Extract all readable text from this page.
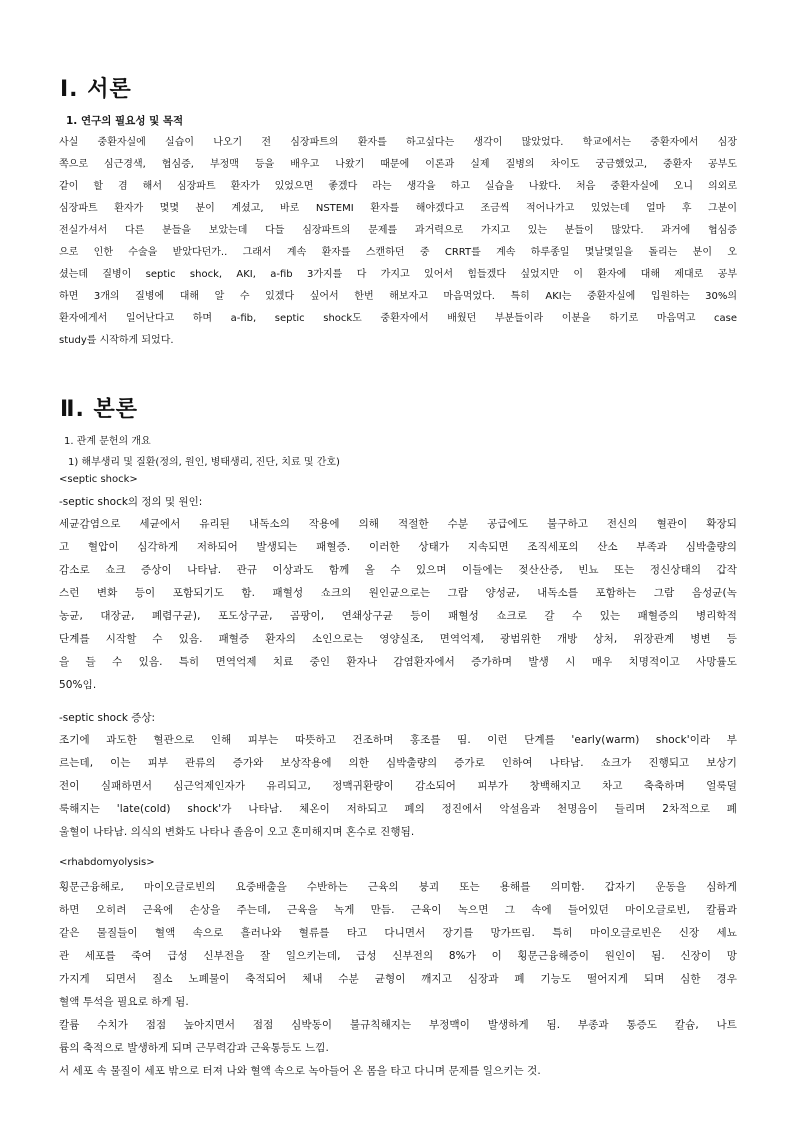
Ⅰ. 서론
1. 연구의 필요성 및 목적
사실 중환자실에 실습이 나오기 전 심장파트의 환자를 하고싶다는 생각이 많았었다. 학교에서는 중환자에서 심장
쪽으로 심근경색, 협심증, 부정맥 등을 배우고 나왔기 때문에 이론과 실제 질병의 차이도 궁금했었고, 중환자 공부도
같이 할 겸 해서 심장파트 환자가 있었으면 좋겠다 라는 생각을 하고 실습을 나왔다. 처음 중환자실에 오니 의외로
심장파트 환자가 몇몇 분이 계셨고, 바로 NSTEMI 환자를 해야겠다고 조금씩 적어나가고 있었는데 얼마 후 그분이
전실가셔서 다른 분들을 보았는데 다들 심장파트의 문제를 과거력으로 가지고 있는 분들이 많았다. 과거에 협심증
으로 인한 수술을 받았다던가.. 그래서 계속 환자를 스캔하던 중 CRRT를 계속 하루종일 몇날몇일을 돌리는 분이 오
셨는데 질병이 septic shock, AKI, a-fib 3가지를 다 가지고 있어서 힘들겠다 싶었지만 이 환자에 대해 제대로 공부
하면 3개의 질병에 대해 알 수 있겠다 싶어서 한번 해보자고 마음먹었다. 특히 AKI는 중환자실에 입원하는 30%의
환자에게서 일어난다고 하며 a-fib, septic shock도 중환자에서 배웠던 부분들이라 이분을 하기로 마음먹고 case
study를 시작하게 되었다.
Ⅱ. 본론
1. 관계 문헌의 개요
1) 해부생리 및 질환(정의, 원인, 병태생리, 진단, 치료 및 간호)
<septic shock>
-septic shock의 정의 및 원인:
세균감염으로 세균에서 유리된 내독소의 작용에 의해 적절한 수분 공급에도 불구하고 전신의 혈관이 확장되
고 혈압이 심각하게 저하되어 발생되는 패혈증. 이러한 상태가 지속되면 조직세포의 산소 부족과 심박출량의
감소로 쇼크 증상이 나타남. 관규 이상과도 함께 올 수 있으며 이들에는 젖산산증, 빈뇨 또는 정신상태의 갑작
스런 변화 등이 포함되기도 함. 패혈성 쇼크의 원인균으로는 그람 양성균, 내독소를 포함하는 그람 음성균(녹
농균, 대장균, 폐렴구균), 포도상구균, 곰팡이, 연쇄상구균 등이 패혈성 쇼크로 갈 수 있는 패혈증의 병리학적
단계를 시작할 수 있음. 패혈증 환자의 소인으로는 영양실조, 면역억제, 광범위한 개방 상처, 위장관계 병변 등
을 들 수 있음. 특히 면역억제 치료 중인 환자나 감염환자에서 증가하며 발생 시 매우 치명적이고 사망률도
50%임.
-septic shock 증상:
조기에 과도한 혈관으로 인해 피부는 따뜻하고 건조하며 홍조를 띰. 이런 단계를 'early(warm) shock'이라 부
르는데, 이는 피부 관류의 증가와 보상작용에 의한 심박출량의 증가로 인하여 나타남. 쇼크가 진행되고 보상기
전이 실패하면서 심근억제인자가 유리되고, 정맥귀환량이 감소되어 피부가 창백해지고 차고 축축하며 얼룩덜
룩해지는 'late(cold) shock'가 나타남. 체온이 저하되고 폐의 정진에서 악설음과 천명음이 들리며 2차적으로 폐
울혈이 나타남. 의식의 변화도 나타나 졸음이 오고 혼미해지며 혼수로 진행됨.
<rhabdomyolysis>
횡문근융해로, 마이오글로빈의 요중배출을 수반하는 근육의 붕괴 또는 용해를 의미함. 갑자기 운동을 심하게
하면 오히려 근육에 손상을 주는데, 근육을 녹게 만듬. 근육이 녹으면 그 속에 들어있던 마이오글로빈, 칼륨과
같은 물질들이 혈액 속으로 흘러나와 혈류를 타고 다니면서 장기를 망가뜨림. 특히 마이오글로빈은 신장 세뇨
관 세포를 죽여 급성 신부전을 잘 일으키는데, 급성 신부전의 8%가 이 횡문근융해증이 원인이 됨. 신장이 망
가지게 되면서 질소 노폐물이 축적되어 체내 수분 균형이 깨지고 심장과 폐 기능도 떨어지게 되며 심한 경우
혈액 투석을 필요로 하게 됨.
칼륨 수치가 점점 높아지면서 점점 심박동이 불규칙해지는 부정맥이 발생하게 됨. 부종과 통증도 칼슘, 나트
륨의 축적으로 발생하게 되며 근무력감과 근육통등도 느낌.
서 세포 속 물질이 세포 밖으로 터져 나와 혈액 속으로 녹아들어 온 몸을 타고 다니며 문제를 일으키는 것.
